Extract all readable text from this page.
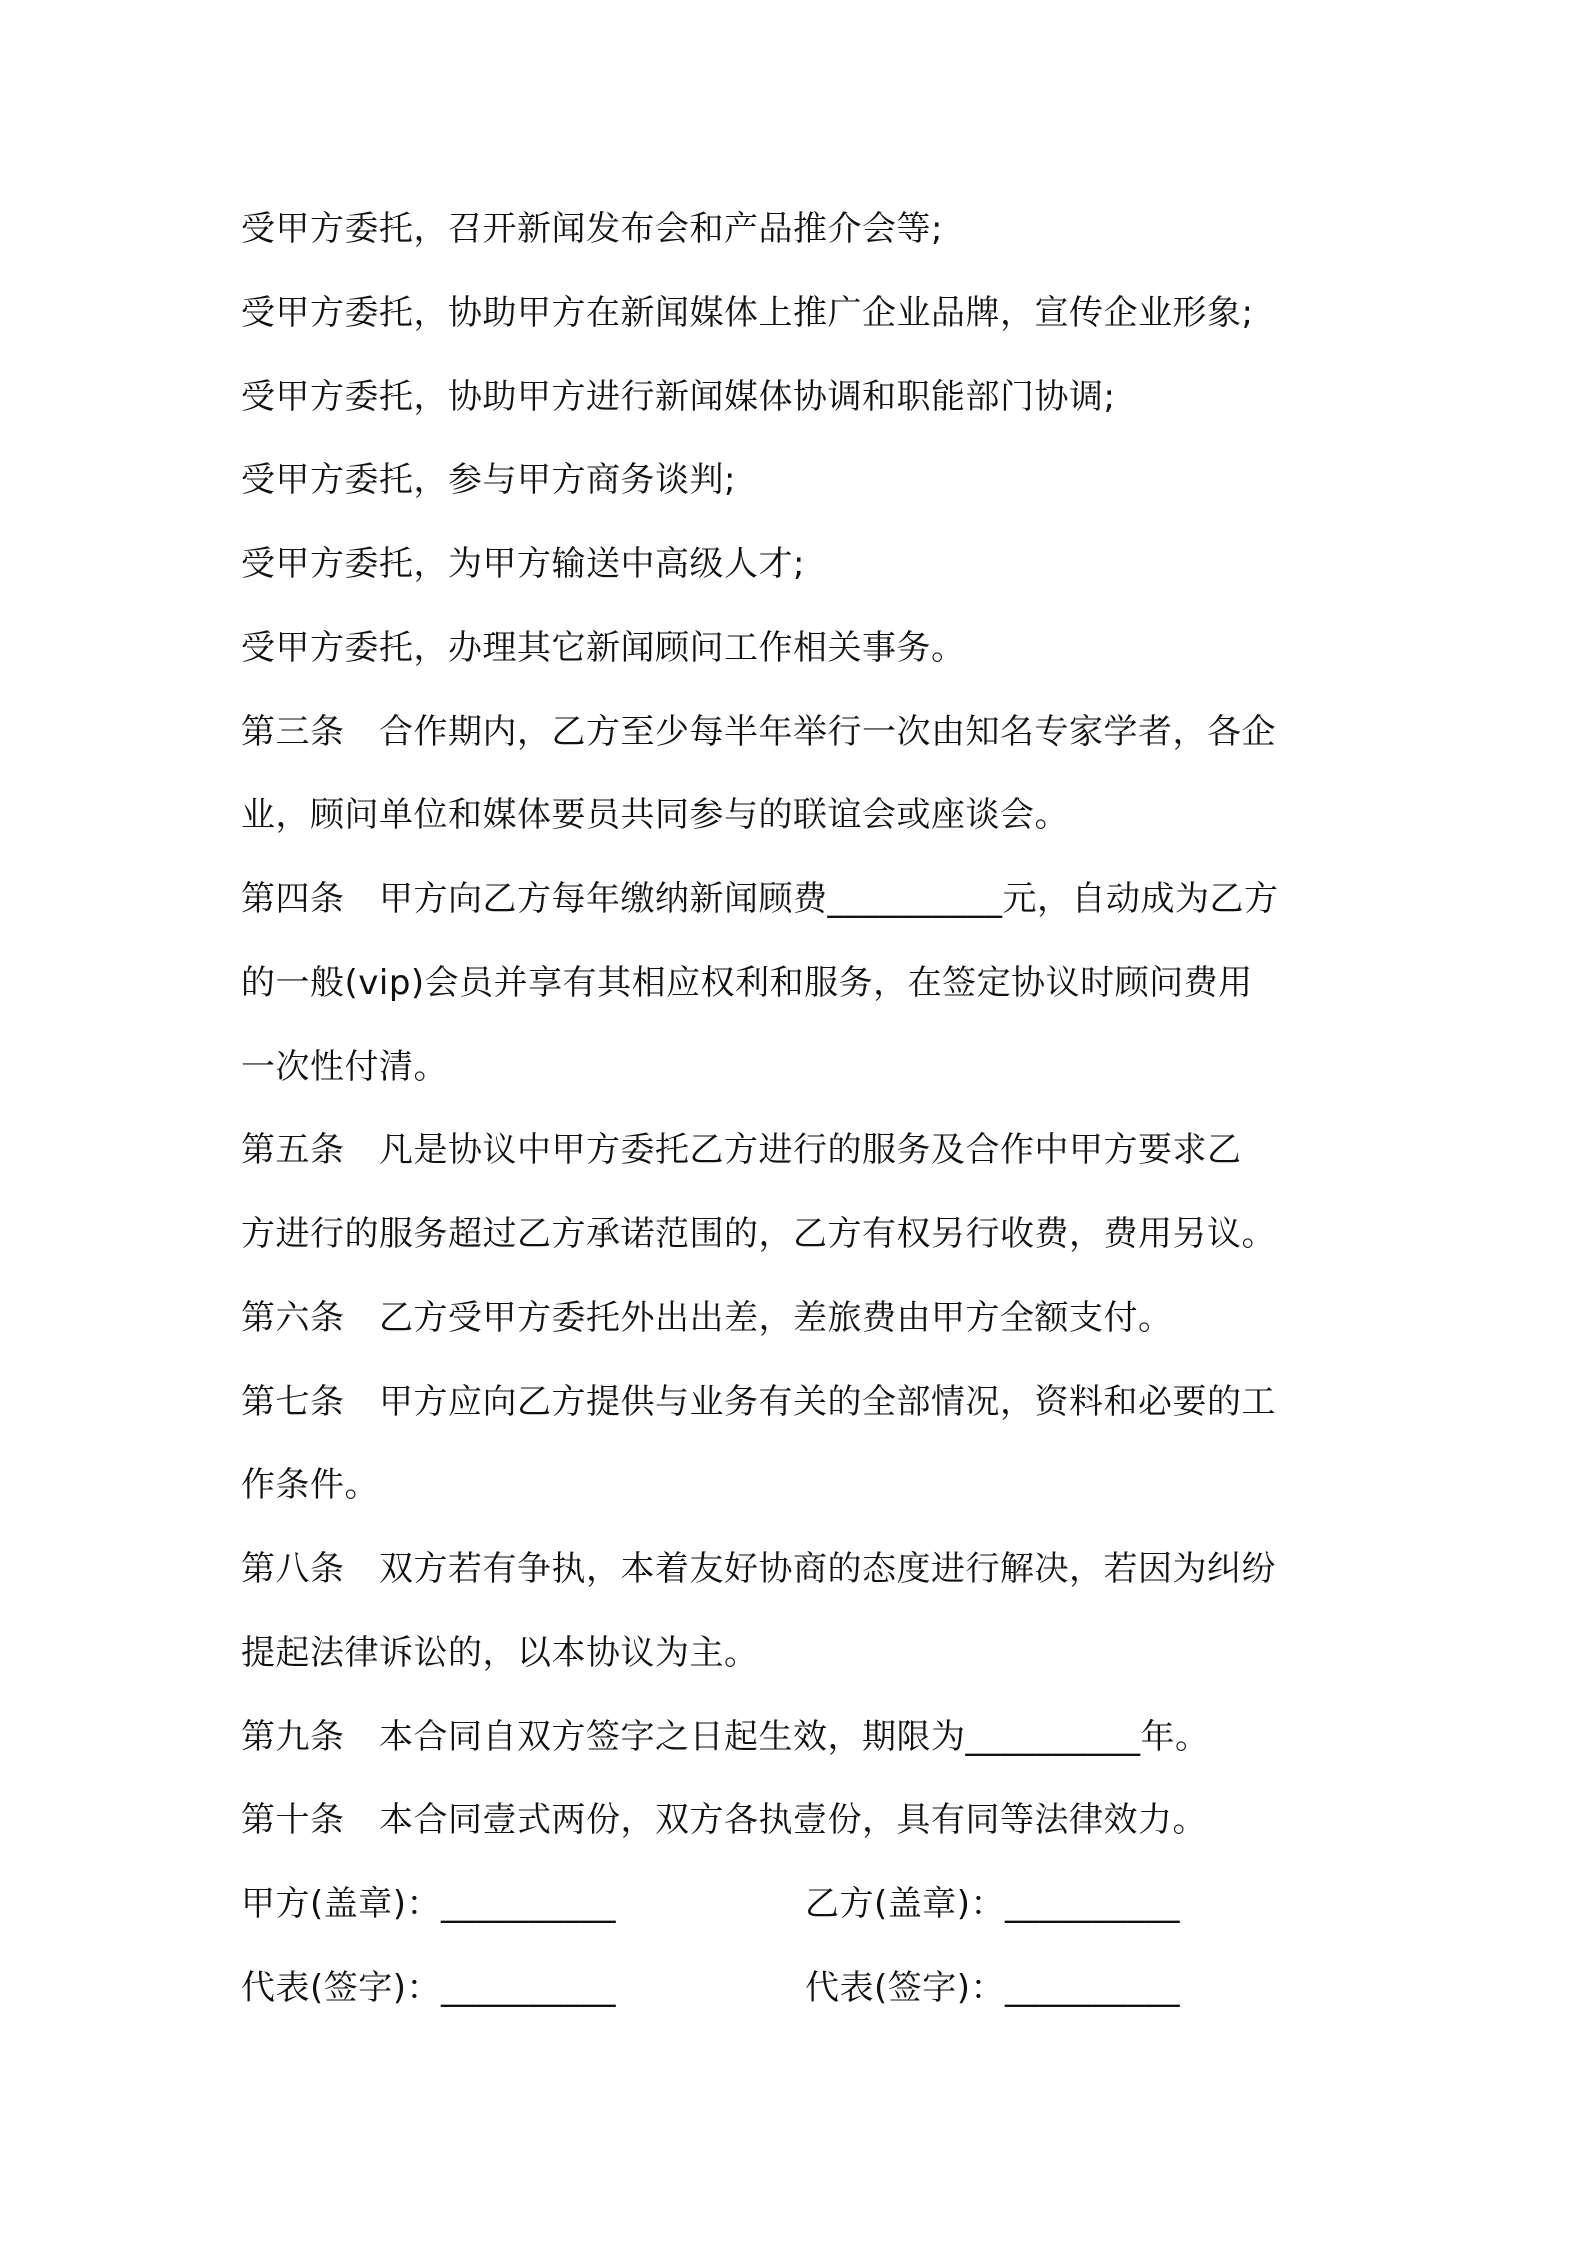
受甲方委托，召开新闻发布会和产品推介会等;

受甲方委托，协助甲方在新闻媒体上推广企业品牌，宣传企业形象;

受甲方委托，协助甲方进行新闻媒体协调和职能部门协调;

受甲方委托，参与甲方商务谈判;

受甲方委托，为甲方输送中高级人才;

受甲方委托，办理其它新闻顾问工作相关事务。

第三条　合作期内，乙方至少每半年举行一次由知名专家学者，各企

业，顾问单位和媒体要员共同参与的联谊会或座谈会。

第四条　甲方向乙方每年缴纳新闻顾费__________元，自动成为乙方

的一般(vip)会员并享有其相应权利和服务，在签定协议时顾问费用

一次性付清。

第五条　凡是协议中甲方委托乙方进行的服务及合作中甲方要求乙

方进行的服务超过乙方承诺范围的，乙方有权另行收费，费用另议。

第六条　乙方受甲方委托外出出差，差旅费由甲方全额支付。

第七条　甲方应向乙方提供与业务有关的全部情况，资料和必要的工

作条件。

第八条　双方若有争执，本着友好协商的态度进行解决，若因为纠纷

提起法律诉讼的，以本协议为主。

第九条　本合同自双方签字之日起生效，期限为__________年。

第十条　本合同壹式两份，双方各执壹份，具有同等法律效力。

甲方(盖章)：__________	乙方(盖章)：__________

代表(签字)：__________	代表(签字)：__________
